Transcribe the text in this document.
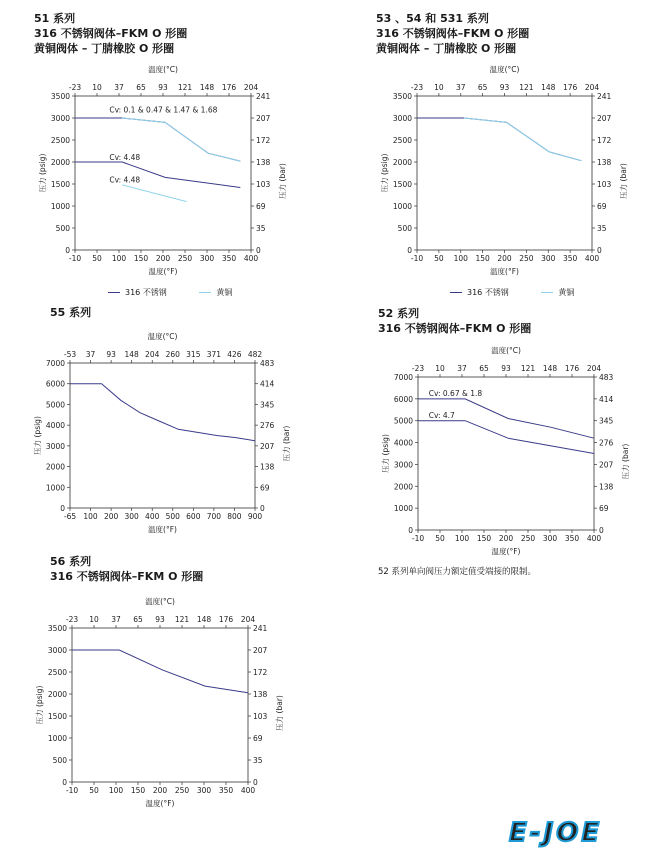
51 系列
316 不锈钢阀体–FKM O 形圈
黄铜阀体 – 丁腈橡胶 O 形圈
53 、54 和 531 系列
316 不锈钢阀体–FKM O 形圈
黄铜阀体 – 丁腈橡胶 O 形圈
55 系列	52 系列
316 不锈钢阀体–FKM O 形圈
56 系列
316 不锈钢阀体–FKM O 形圈
-10 50 100 150 200 250 300 350 400
-23 10 37 65 93 121 148 176 204
0
500
1000
1500
2000
2500
3000
3500
0
35
69
103
138
172
207
241
温度(°C)
温度(°F)
压力 (psig)	压力 (bar)
Cv: 0.1 & 0.47 & 1.47 & 1.68
Cv: 4.48
Cv: 4.48
-10 50 100 150 200 250 300 350 400
-23 10 37 65 93 121 148 176 204
0
500
1000
1500
2000
2500
3000
3500
0
35
69
103
138
172
207
241
温度(°C)
温度(°F)
压力 (psig)	压力 (bar)
-65 100 200 300 400 500 600 700 800 900
-53 37 93 148 204 260 315 371 426 482
0
1000
2000
3000
4000
5000
6000
7000
0
69
138
207
276
345
414
483
温度(°C)
温度(°F)
压力 (psig)	压力 (bar)
-10 50 100 150 200 250 300 350 400
-23 10 37 65 93 121 148 176 204
0
1000
2000
3000
4000
5000
6000
7000
0
69
138
207
276
345
414
483
温度(°C)
温度(°F)
压力 (psig)	压力 (bar)
Cv: 0.67 & 1.8
Cv: 4.7
-10 50 100 150 200 250 300 350 400
-23 10 37 65 93 121 148 176 204
0
500
1000
1500
2000
2500
3000
3500
0
35
69
103
138
172
207
241
温度(°C)
温度(°F)
压力 (psig)	压力 (bar)
316 不锈钢	黄铜	316 不锈钢	黄铜
52 系列单向阀压力额定值受端接的限制。
E-JOE
